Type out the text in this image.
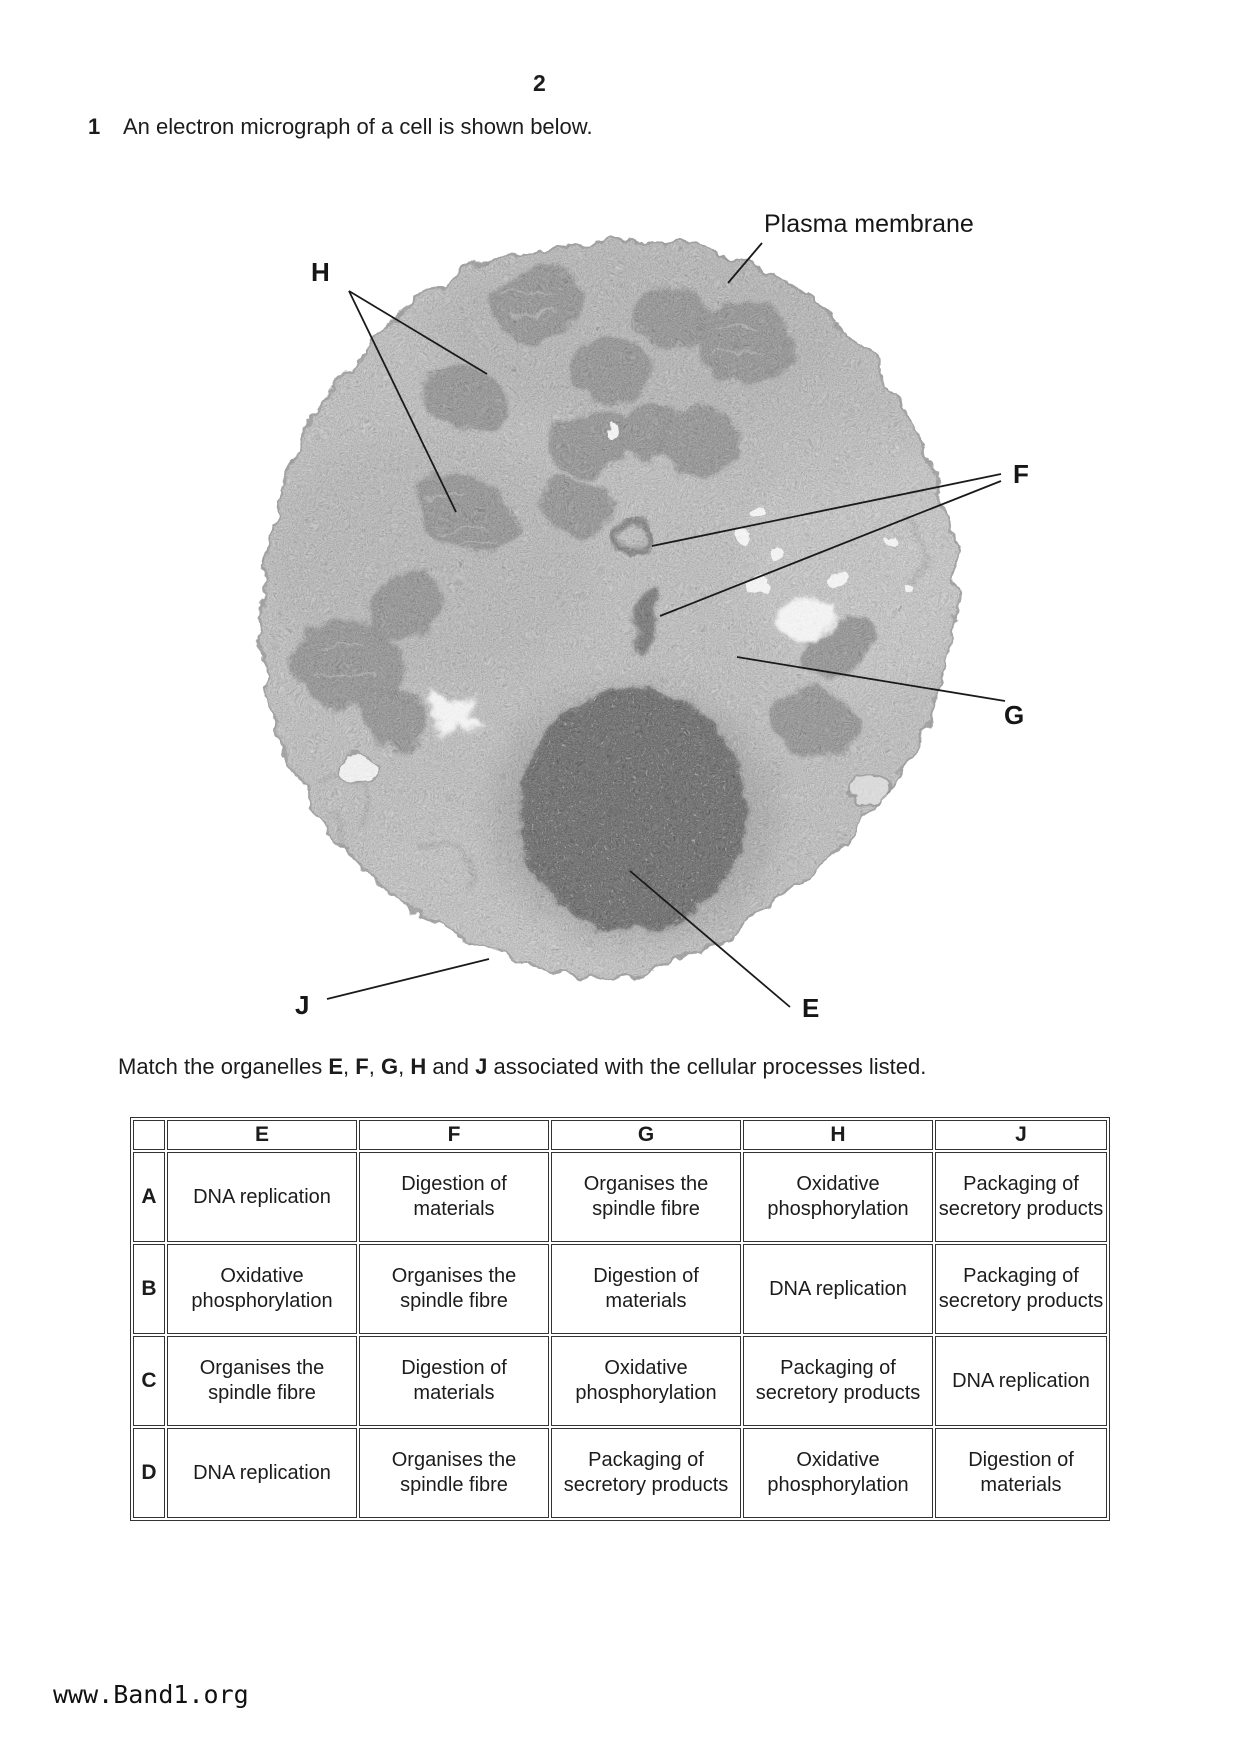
2
1	An electron micrograph of a cell is shown below.
Plasma membrane
H
F
G
J	E
Match the organelles E, F, G, H and J associated with the cellular processes listed.
	E	F	G	H	J
A	DNA replication	Digestion of materials	Organises the spindle fibre	Oxidative phosphorylation	Packaging of secretory products
B	Oxidative phosphorylation	Organises the spindle fibre	Digestion of materials	DNA replication	Packaging of secretory products
C	Organises the spindle fibre	Digestion of materials	Oxidative phosphorylation	Packaging of secretory products	DNA replication
D	DNA replication	Organises the spindle fibre	Packaging of secretory products	Oxidative phosphorylation	Digestion of materials
www.Band1.org
